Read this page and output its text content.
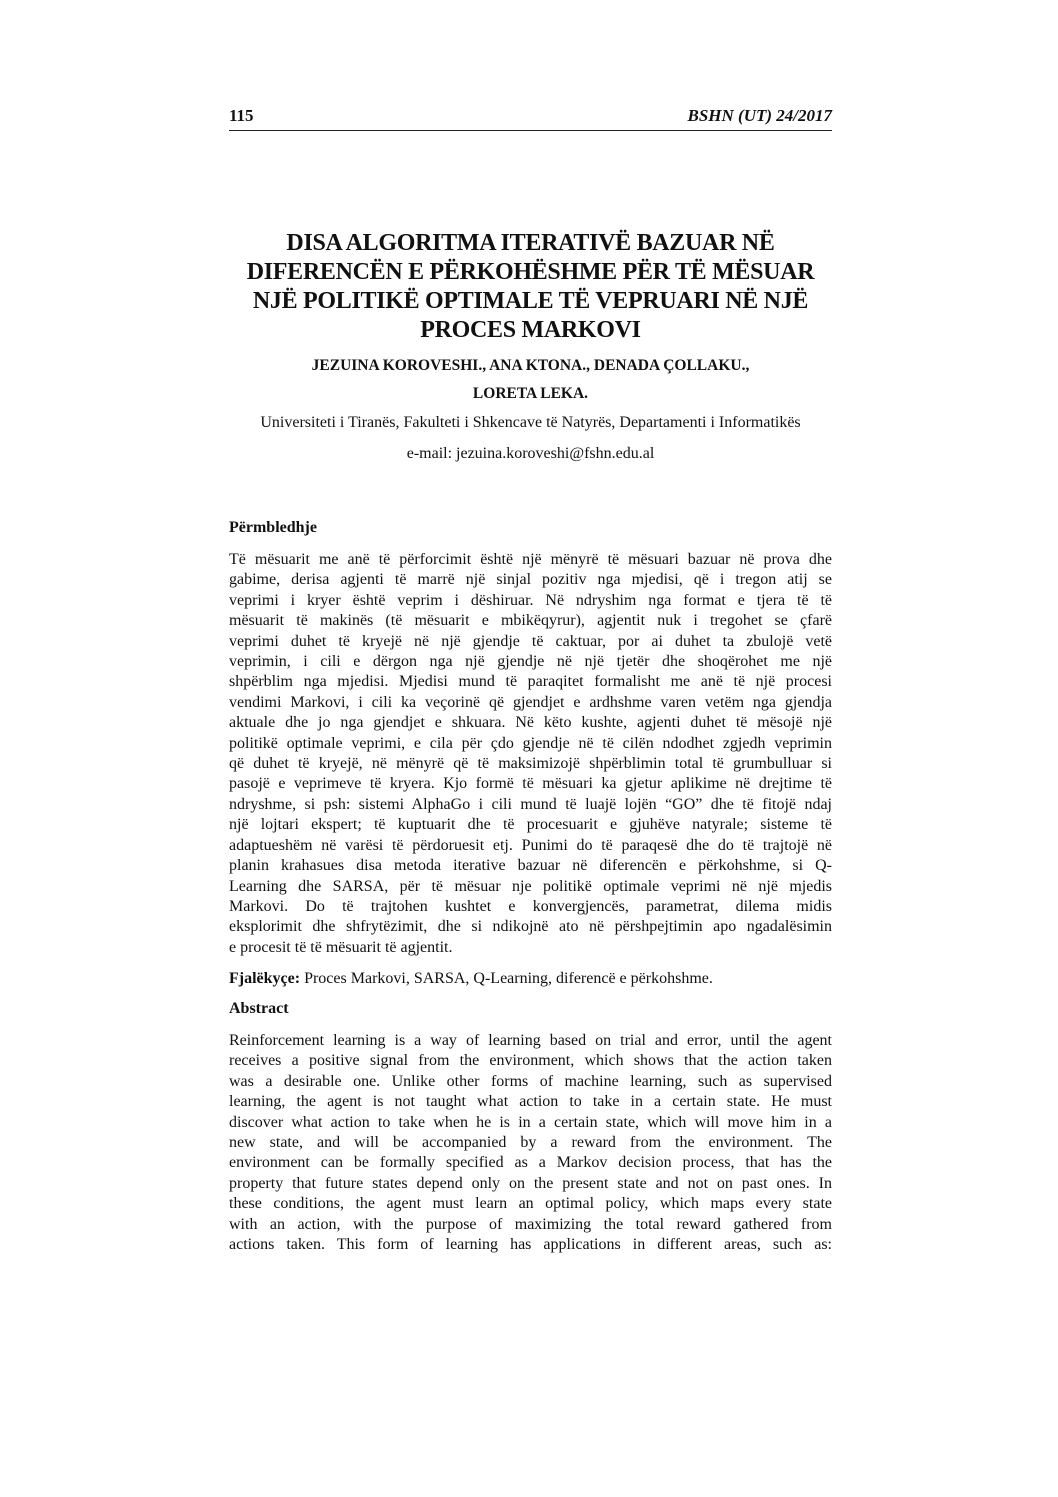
115	BSHN (UT) 24/2017
DISA ALGORITMA ITERATIVË BAZUAR NË
DIFERENCËN E PËRKOHËSHME PËR TË MËSUAR
NJË POLITIKË OPTIMALE TË VEPRUARI NË NJË
PROCES MARKOVI
JEZUINA KOROVESHI., ANA KTONA., DENADA ÇOLLAKU.,
LORETA LEKA.
Universiteti i Tiranës, Fakulteti i Shkencave të Natyrës, Departamenti i Informatikës
e-mail: jezuina.koroveshi@fshn.edu.al
Përmbledhje
Të mësuarit me anë të përforcimit është një mënyrë të mësuari bazuar në prova dhe
gabime, derisa agjenti të marrë një sinjal pozitiv nga mjedisi, që i tregon atij se
veprimi i kryer është veprim i dëshiruar. Në ndryshim nga format e tjera të të
mësuarit të makinës (të mësuarit e mbikëqyrur), agjentit nuk i tregohet se çfarë
veprimi duhet të kryejë në një gjendje të caktuar, por ai duhet ta zbulojë vetë
veprimin, i cili e dërgon nga një gjendje në një tjetër dhe shoqërohet me një
shpërblim nga mjedisi. Mjedisi mund të paraqitet formalisht me anë të një procesi
vendimi Markovi, i cili ka veçorinë që gjendjet e ardhshme varen vetëm nga gjendja
aktuale dhe jo nga gjendjet e shkuara. Në këto kushte, agjenti duhet të mësojë një
politikë optimale veprimi, e cila për çdo gjendje në të cilën ndodhet zgjedh veprimin
që duhet të kryejë, në mënyrë që të maksimizojë shpërblimin total të grumbulluar si
pasojë e veprimeve të kryera. Kjo formë të mësuari ka gjetur aplikime në drejtime të
ndryshme, si psh: sistemi AlphaGo i cili mund të luajë lojën “GO” dhe të fitojë ndaj
një lojtari ekspert; të kuptuarit dhe të procesuarit e gjuhëve natyrale; sisteme të
adaptueshëm në varësi të përdoruesit etj. Punimi do të paraqesë dhe do të trajtojë në
planin krahasues disa metoda iterative bazuar në diferencën e përkohshme, si Q-
Learning dhe SARSA, për të mësuar nje politikë optimale veprimi në një mjedis
Markovi. Do të trajtohen kushtet e konvergjencës, parametrat, dilema midis
eksplorimit dhe shfrytëzimit, dhe si ndikojnë ato në përshpejtimin apo ngadalësimin
e procesit të të mësuarit të agjentit.
Fjalëkyçe: Proces Markovi, SARSA, Q-Learning, diferencë e përkohshme.
Abstract
Reinforcement learning is a way of learning based on trial and error, until the agent
receives a positive signal from the environment, which shows that the action taken
was a desirable one. Unlike other forms of machine learning, such as supervised
learning, the agent is not taught what action to take in a certain state. He must
discover what action to take when he is in a certain state, which will move him in a
new state, and will be accompanied by a reward from the environment. The
environment can be formally specified as a Markov decision process, that has the
property that future states depend only on the present state and not on past ones. In
these conditions, the agent must learn an optimal policy, which maps every state
with an action, with the purpose of maximizing the total reward gathered from
actions taken. This form of learning has applications in different areas, such as:
